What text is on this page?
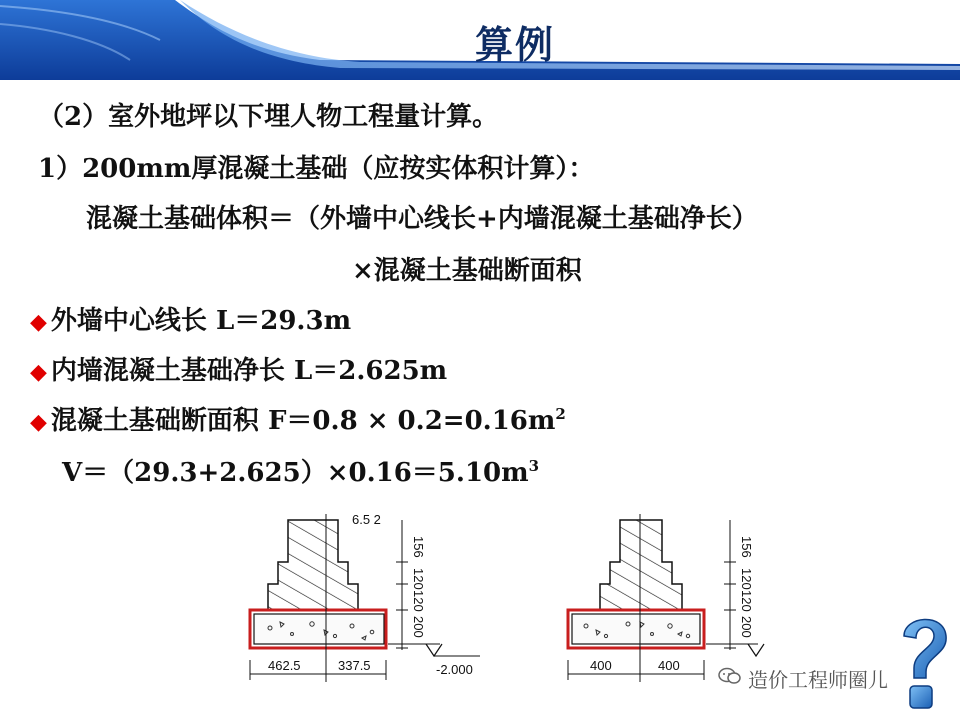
算例
（2）室外地坪以下埋人物工程量计算。
1）200mm厚混凝土基础（应按实体积计算）：
混凝土基础体积＝（外墙中心线长+内墙混凝土基础净长）
×混凝土基础断面积
◆ 外墙中心线长 L＝29.3m
◆ 内墙混凝土基础净长 L＝2.625m
◆ 混凝土基础断面积 $F=0.8 \times 0.2=0.16m^2$
$V=(29.3+2.625)\times 0.16=5.10m^3$
156
120
120
200
6.5 2
-2.000
462.5	337.5
156
120
120
200
400	400
造价工程师圈儿
